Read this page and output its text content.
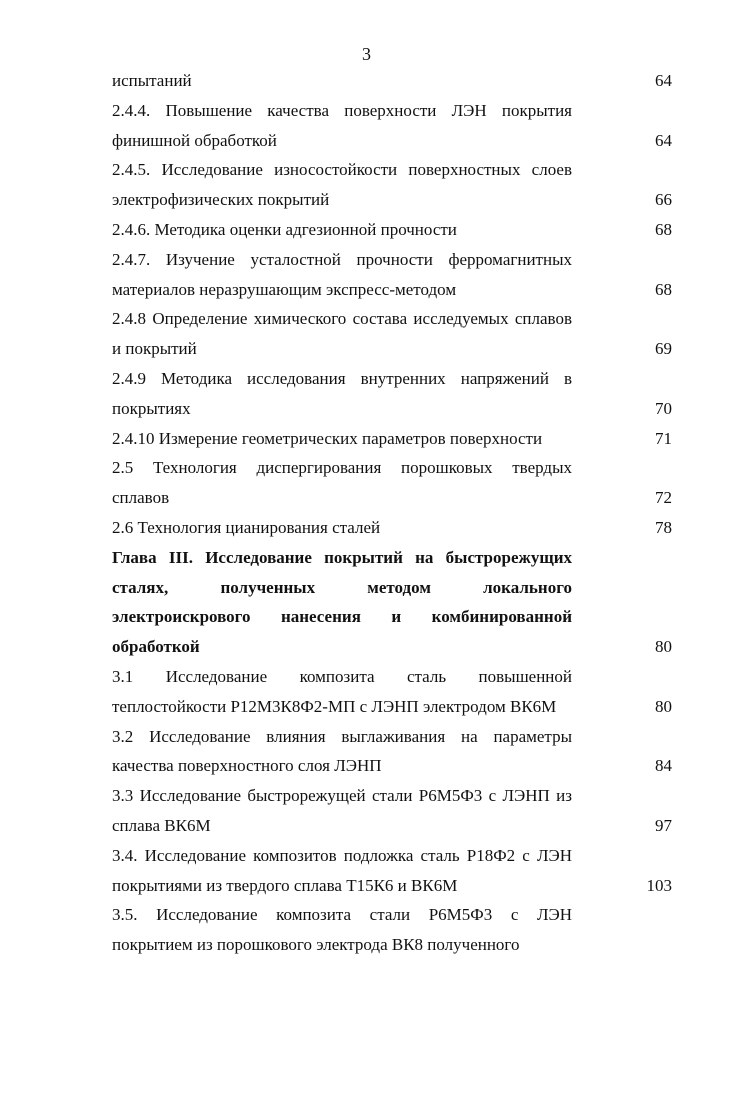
3
испытаний	64
2.4.4. Повышение качества поверхности ЛЭН покрытия
финишной обработкой	64
2.4.5. Исследование износостойкости поверхностных слоев
электрофизических покрытий	66
2.4.6. Методика оценки адгезионной прочности	68
2.4.7. Изучение усталостной прочности ферромагнитных
материалов неразрушающим экспресс-методом	68
2.4.8 Определение химического состава исследуемых сплавов
и покрытий	69
2.4.9 Методика исследования внутренних напряжений в
покрытиях	70
2.4.10 Измерение геометрических параметров поверхности	71
2.5 Технология диспергирования порошковых твердых
сплавов	72
2.6 Технология цианирования сталей	78
Глава III. Исследование покрытий на быстрорежущих
сталях, полученных методом локального
электроискрового нанесения и комбинированной
обработкой	80
3.1 Исследование композита сталь повышенной
теплостойкости Р12М3К8Ф2-МП с ЛЭНП электродом ВК6М	80
3.2 Исследование влияния выглаживания на параметры
качества поверхностного слоя ЛЭНП	84
3.3 Исследование быстрорежущей стали Р6М5Ф3 с ЛЭНП из
сплава ВК6М	97
3.4. Исследование композитов подложка сталь Р18Ф2 с ЛЭН
покрытиями из твердого сплава Т15К6 и ВК6М	103
3.5. Исследование композита стали Р6М5Ф3 с ЛЭН
покрытием из порошкового электрода ВК8 полученного
